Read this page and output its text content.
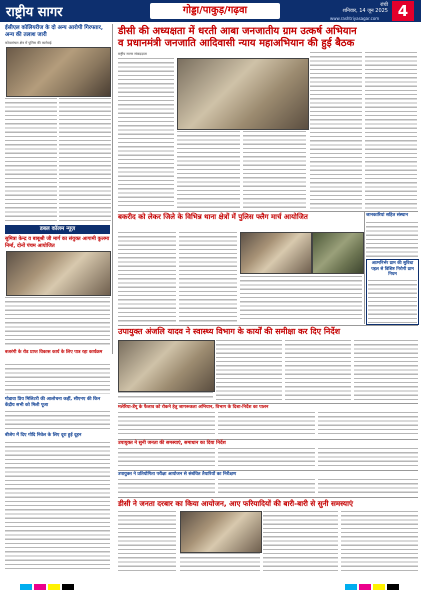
राष्ट्रीय सागर	गोड्डा/पाकुड़/गढ़वा	रांची
शनिवार, 14 जून 2025
www.rashtriyasagar.com	4
डीसी की अध्यक्षता में धरती आबा जनजातीय ग्राम उत्कर्ष अभियान
व प्रधानमंत्री जनजाति आदिवासी न्याय महाअभियान की हुई बैठक
ईसीएल कोलियरीज के दो अन्य आरोपी गिरफ्तार, अन्य की तलाश जारी
कोयलांचल क्षेत्र में पुलिस की कार्रवाई
डबल कॉलम न्यूज़
सुमित्रा केन्द्र व बाबूश्री जी मार्ग का संयुक्त आगामी कुलमा निर्मा, दोनों पंचम आयोजित
बजरंगी के रोड प्राप्त विकास कार्य के लिए पात्र रहा कार्यक्रम
गोडावा प्रिय मिलिटरी की आलोचना कहीं, सीएनए की किन केंद्रीय सभी को मिली पूजा
बीजेप में दिए गोदि निवेल के लिए दूरा हुई दूहन
राष्ट्रीय सागर संवाददाता
बकरीद को लेकर जिले के विभिन्न थाना क्षेत्रों में पुलिस फ्लैग मार्च आयोजित	जानकारियां सहित संस्थान
आत्मनिर्भर ग्राम की सुविधा पहल से विशिष्ट निरोगी ग्राम नियम
उपायुक्त अंजलि यादव ने स्वास्थ्य विभाग के कार्यों की समीक्षा कर दिए निर्देश
मलेरिया-डेंगू के फैलाव को रोकने हेतु जागरूकता अभियान, विभाग के दिशा-निर्देश का पालन
उपायुक्त ने सुनी जनता की समस्याएं, समाधान का दिया निर्देश
उपायुक्त ने प्रतियोगिता परीक्षा आयोजन से संबंधित तैयारियों का निरीक्षण
डीसी ने जनता दरबार का किया आयोजन, आए फरियादियों की बारी-बारी से सुनी समस्याएं
